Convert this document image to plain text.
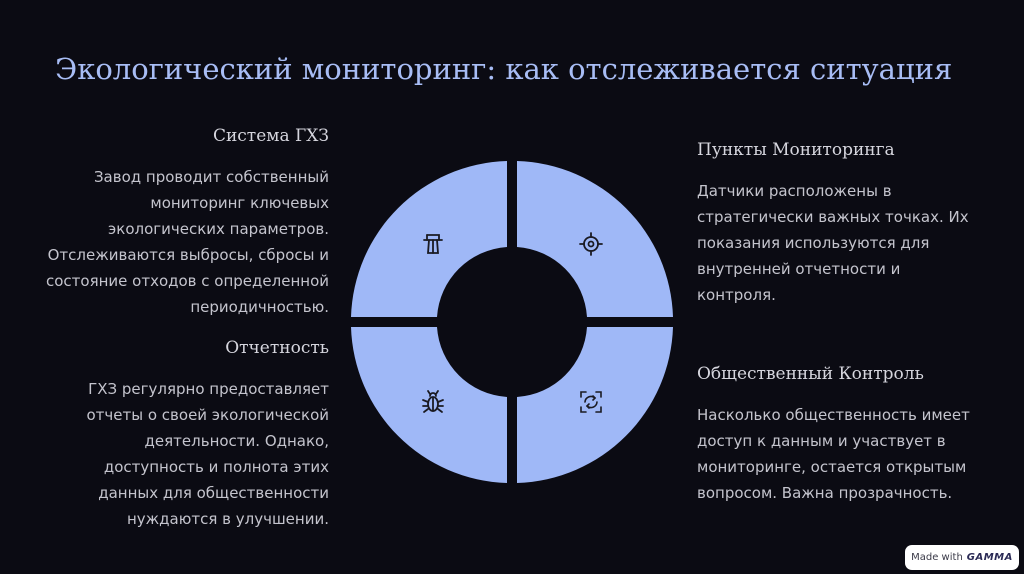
Экологический мониторинг: как отслеживается ситуация
Система ГХЗ
Завод проводит собственный
мониторинг ключевых
экологических параметров.
Отслеживаются выбросы, сбросы и
состояние отходов с определенной
периодичностью.
Отчетность
ГХЗ регулярно предоставляет
отчеты о своей экологической
деятельности. Однако,
доступность и полнота этих
данных для общественности
нуждаются в улучшении.
Пункты Мониторинга
Датчики расположены в
стратегически важных точках. Их
показания используются для
внутренней отчетности и
контроля.
Общественный Контроль
Насколько общественность имеет
доступ к данным и участвует в
мониторинге, остается открытым
вопросом. Важна прозрачность.
Made with GAMMA
